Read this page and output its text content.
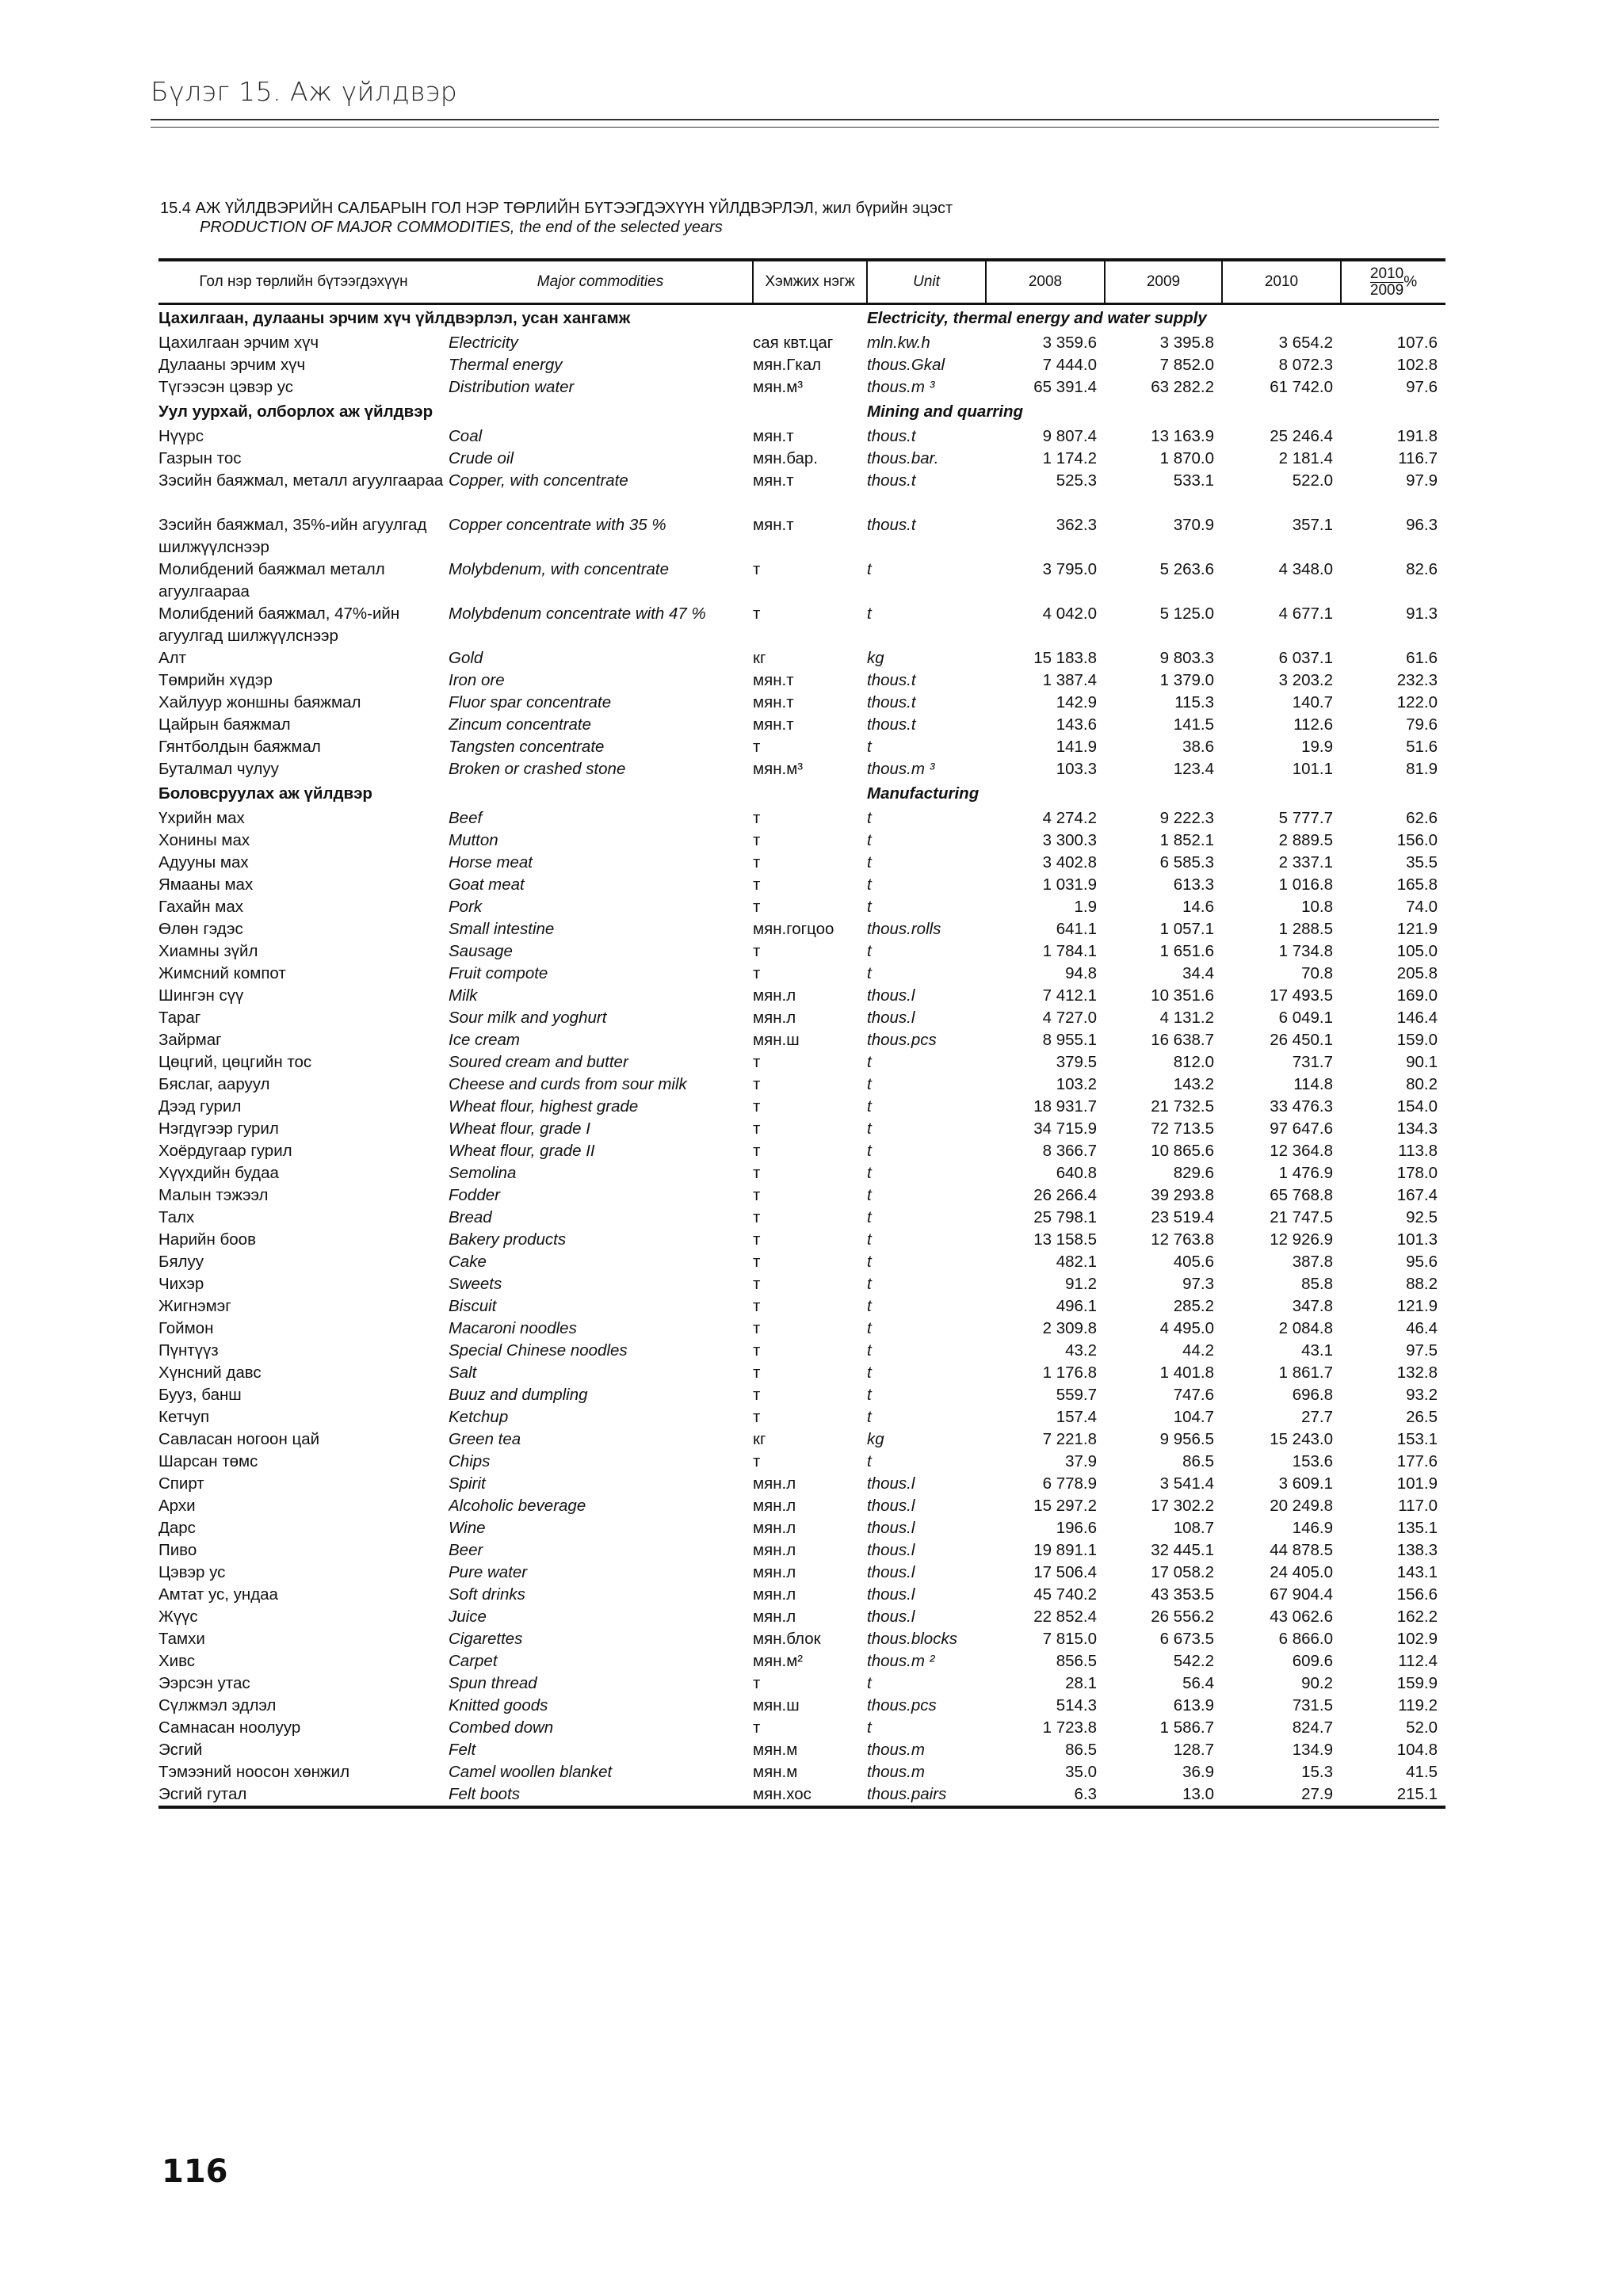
Бүлэг 15. Аж үйлдвэр
15.4 АЖ ҮЙЛДВЭРИЙН САЛБАРЫН ГОЛ НЭР ТӨРЛИЙН БҮТЭЭГДЭХҮҮН ҮЙЛДВЭРЛЭЛ, жил бүрийн эцэст
PRODUCTION OF MAJOR COMMODITIES, the end of the selected years
Гол нэр төрлийн бүтээгдэхүүн	Major commodities	Хэмжих нэгж	Unit	2008	2009	2010	$\frac{2010}{2009}\%$
Цахилгаан, дулааны эрчим хүч үйлдвэрлэл, усан хангамж			Electricity, thermal energy and water supply				
Цахилгаан эрчим хүч	Electricity	сая квт.цаг	mln.kw.h	3 359.6	3 395.8	3 654.2	107.6
Дулааны эрчим хүч	Thermal energy	мян.Гкал	thous.Gkal	7 444.0	7 852.0	8 072.3	102.8
Түгээсэн цэвэр ус	Distribution water	мян.м³	thous.m ³	65 391.4	63 282.2	61 742.0	97.6
Уул уурхай, олборлох аж үйлдвэр			Mining and quarring				
Нүүрс	Coal	мян.т	thous.t	9 807.4	13 163.9	25 246.4	191.8
Газрын тос	Crude oil	мян.бар.	thous.bar.	1 174.2	1 870.0	2 181.4	116.7
Зэсийн баяжмал, металл агуулгаараа	Copper, with concentrate	мян.т	thous.t	525.3	533.1	522.0	97.9
Зэсийн баяжмал, 35%-ийн агуулгад шилжүүлснээр	Copper concentrate with 35 %	мян.т	thous.t	362.3	370.9	357.1	96.3
Молибдений баяжмал металл агуулгаараа	Molybdenum, with concentrate	т	t	3 795.0	5 263.6	4 348.0	82.6
Молибдений баяжмал, 47%-ийн агуулгад шилжүүлснээр	Molybdenum concentrate with 47 %	т	t	4 042.0	5 125.0	4 677.1	91.3
Алт	Gold	кг	kg	15 183.8	9 803.3	6 037.1	61.6
Төмрийн хүдэр	Iron ore	мян.т	thous.t	1 387.4	1 379.0	3 203.2	232.3
Хайлуур жоншны баяжмал	Fluor spar concentrate	мян.т	thous.t	142.9	115.3	140.7	122.0
Цайрын баяжмал	Zincum concentrate	мян.т	thous.t	143.6	141.5	112.6	79.6
Гянтболдын баяжмал	Tangsten concentrate	т	t	141.9	38.6	19.9	51.6
Буталмал чулуу	Broken or crashed stone	мян.м³	thous.m ³	103.3	123.4	101.1	81.9
Боловсруулах аж үйлдвэр			Manufacturing				
Үхрийн мах	Beef	т	t	4 274.2	9 222.3	5 777.7	62.6
Хонины мах	Mutton	т	t	3 300.3	1 852.1	2 889.5	156.0
Адууны мах	Horse meat	т	t	3 402.8	6 585.3	2 337.1	35.5
Ямааны мах	Goat meat	т	t	1 031.9	613.3	1 016.8	165.8
Гахайн мах	Pork	т	t	1.9	14.6	10.8	74.0
Өлөн гэдэс	Small intestine	мян.гогцоо	thous.rolls	641.1	1 057.1	1 288.5	121.9
Хиамны зүйл	Sausage	т	t	1 784.1	1 651.6	1 734.8	105.0
Жимсний компот	Fruit compote	т	t	94.8	34.4	70.8	205.8
Шингэн сүү	Milk	мян.л	thous.l	7 412.1	10 351.6	17 493.5	169.0
Тараг	Sour milk and yoghurt	мян.л	thous.l	4 727.0	4 131.2	6 049.1	146.4
Зайрмаг	Ice cream	мян.ш	thous.pcs	8 955.1	16 638.7	26 450.1	159.0
Цөцгий, цөцгийн тос	Soured cream and butter	т	t	379.5	812.0	731.7	90.1
Бяслаг, ааруул	Cheese and curds from sour milk	т	t	103.2	143.2	114.8	80.2
Дээд гурил	Wheat flour, highest grade	т	t	18 931.7	21 732.5	33 476.3	154.0
Нэгдүгээр гурил	Wheat flour, grade I	т	t	34 715.9	72 713.5	97 647.6	134.3
Хоёрдугаар гурил	Wheat flour, grade II	т	t	8 366.7	10 865.6	12 364.8	113.8
Хүүхдийн будаа	Semolina	т	t	640.8	829.6	1 476.9	178.0
Малын тэжээл	Fodder	т	t	26 266.4	39 293.8	65 768.8	167.4
Талх	Bread	т	t	25 798.1	23 519.4	21 747.5	92.5
Нарийн боов	Bakery products	т	t	13 158.5	12 763.8	12 926.9	101.3
Бялуу	Cake	т	t	482.1	405.6	387.8	95.6
Чихэр	Sweets	т	t	91.2	97.3	85.8	88.2
Жигнэмэг	Biscuit	т	t	496.1	285.2	347.8	121.9
Гоймон	Macaroni noodles	т	t	2 309.8	4 495.0	2 084.8	46.4
Пүнтүүз	Special Chinese noodles	т	t	43.2	44.2	43.1	97.5
Хүнсний давс	Salt	т	t	1 176.8	1 401.8	1 861.7	132.8
Бууз, банш	Buuz and dumpling	т	t	559.7	747.6	696.8	93.2
Кетчуп	Ketchup	т	t	157.4	104.7	27.7	26.5
Савласан ногоон цай	Green tea	кг	kg	7 221.8	9 956.5	15 243.0	153.1
Шарсан төмс	Chips	т	t	37.9	86.5	153.6	177.6
Спирт	Spirit	мян.л	thous.l	6 778.9	3 541.4	3 609.1	101.9
Архи	Alcoholic beverage	мян.л	thous.l	15 297.2	17 302.2	20 249.8	117.0
Дарс	Wine	мян.л	thous.l	196.6	108.7	146.9	135.1
Пиво	Beer	мян.л	thous.l	19 891.1	32 445.1	44 878.5	138.3
Цэвэр ус	Pure water	мян.л	thous.l	17 506.4	17 058.2	24 405.0	143.1
Амтат ус, ундаа	Soft drinks	мян.л	thous.l	45 740.2	43 353.5	67 904.4	156.6
Жүүс	Juice	мян.л	thous.l	22 852.4	26 556.2	43 062.6	162.2
Тамхи	Cigarettes	мян.блок	thous.blocks	7 815.0	6 673.5	6 866.0	102.9
Хивс	Carpet	мян.м²	thous.m ²	856.5	542.2	609.6	112.4
Ээрсэн утас	Spun thread	т	t	28.1	56.4	90.2	159.9
Сүлжмэл эдлэл	Knitted goods	мян.ш	thous.pcs	514.3	613.9	731.5	119.2
Самнасан ноолуур	Combed down	т	t	1 723.8	1 586.7	824.7	52.0
Эсгий	Felt	мян.м	thous.m	86.5	128.7	134.9	104.8
Тэмээний ноосон хөнжил	Camel woollen blanket	мян.м	thous.m	35.0	36.9	15.3	41.5
Эсгий гутал	Felt boots	мян.хос	thous.pairs	6.3	13.0	27.9	215.1
116
